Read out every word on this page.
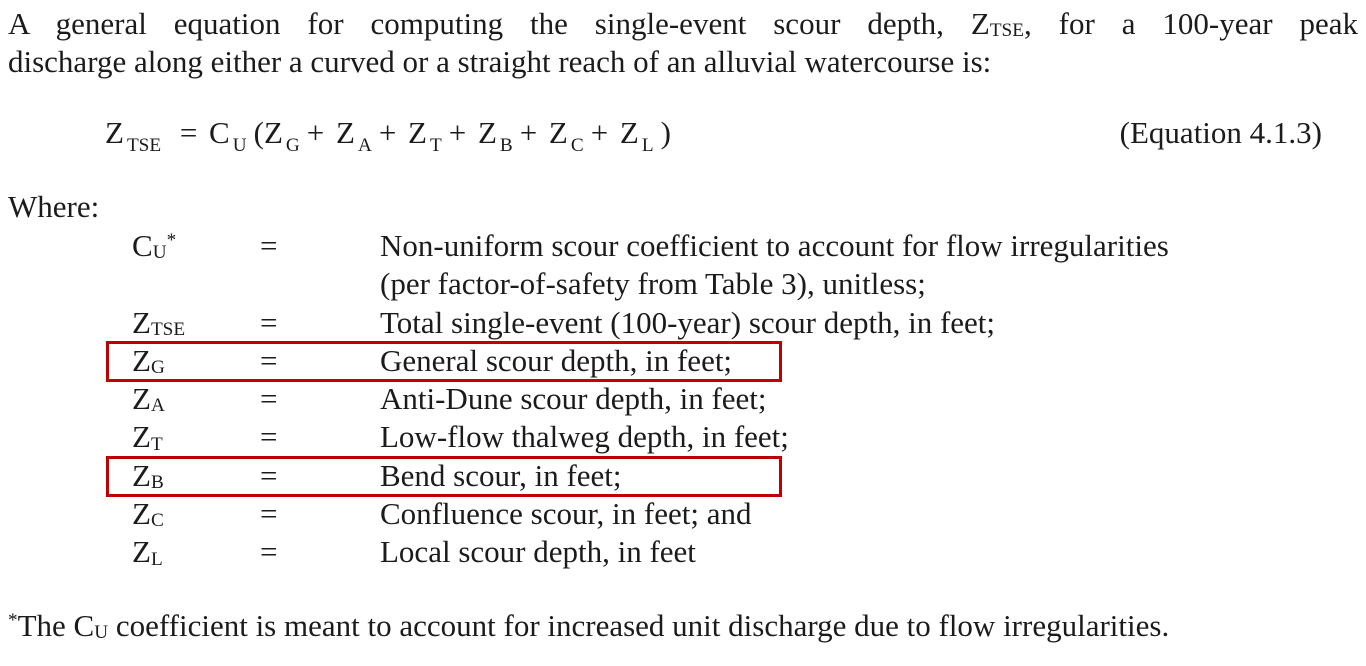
A general equation for computing the single-event scour depth, $Z_{TSE}$, for a 100-year peak
discharge along either a curved or a straight reach of an alluvial watercourse is:

Z $_{TSE}$ = C $_U$ (Z $_G$ + Z $_A$ + Z $_T$ + Z $_B$ + Z $_C$ + Z $_L$ )	(Equation 4.1.3)
Where:
$C_U^*$	=	Non-uniform scour coefficient to account for flow irregularities
(per factor-of-safety from Table 3), unitless;
$Z_{TSE}$	=	Total single-event (100-year) scour depth, in feet;
$Z_G$	=	General scour depth, in feet;
$Z_A$	=	Anti-Dune scour depth, in feet;
$Z_T$	=	Low-flow thalweg depth, in feet;
$Z_B$	=	Bend scour, in feet;
$Z_C$	=	Confluence scour, in feet; and
$Z_L$	=	Local scour depth, in feet
*The $C_U$ coefficient is meant to account for increased unit discharge due to flow irregularities.
